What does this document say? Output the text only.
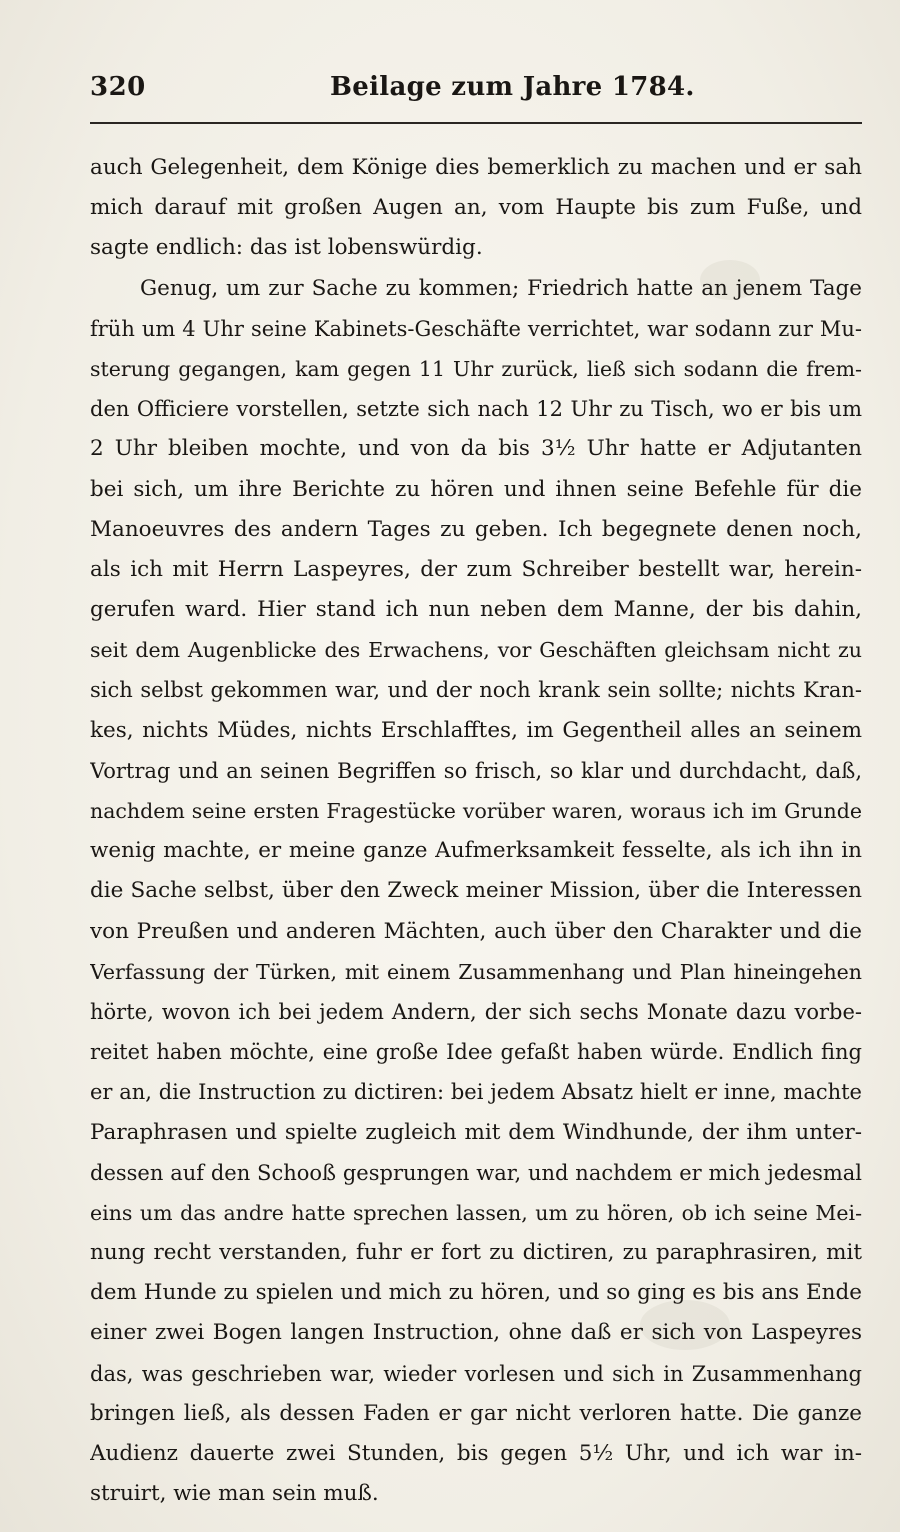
320	Beilage zum Jahre 1784.
auch Gelegenheit, dem Könige dies bemerklich zu machen und er sah
mich darauf mit großen Augen an, vom Haupte bis zum Fuße, und
sagte endlich: das ist lobenswürdig.
Genug, um zur Sache zu kommen; Friedrich hatte an jenem Tage
früh um 4 Uhr seine Kabinets-Geschäfte verrichtet, war sodann zur Mu-
sterung gegangen, kam gegen 11 Uhr zurück, ließ sich sodann die frem-
den Officiere vorstellen, setzte sich nach 12 Uhr zu Tisch, wo er bis um
2 Uhr bleiben mochte, und von da bis 3½ Uhr hatte er Adjutanten
bei sich, um ihre Berichte zu hören und ihnen seine Befehle für die
Manoeuvres des andern Tages zu geben. Ich begegnete denen noch,
als ich mit Herrn Laspeyres, der zum Schreiber bestellt war, herein-
gerufen ward. Hier stand ich nun neben dem Manne, der bis dahin,
seit dem Augenblicke des Erwachens, vor Geschäften gleichsam nicht zu
sich selbst gekommen war, und der noch krank sein sollte; nichts Kran-
kes, nichts Müdes, nichts Erschlafftes, im Gegentheil alles an seinem
Vortrag und an seinen Begriffen so frisch, so klar und durchdacht, daß,
nachdem seine ersten Fragestücke vorüber waren, woraus ich im Grunde
wenig machte, er meine ganze Aufmerksamkeit fesselte, als ich ihn in
die Sache selbst, über den Zweck meiner Mission, über die Interessen
von Preußen und anderen Mächten, auch über den Charakter und die
Verfassung der Türken, mit einem Zusammenhang und Plan hineingehen
hörte, wovon ich bei jedem Andern, der sich sechs Monate dazu vorbe-
reitet haben möchte, eine große Idee gefaßt haben würde. Endlich fing
er an, die Instruction zu dictiren: bei jedem Absatz hielt er inne, machte
Paraphrasen und spielte zugleich mit dem Windhunde, der ihm unter-
dessen auf den Schooß gesprungen war, und nachdem er mich jedesmal
eins um das andre hatte sprechen lassen, um zu hören, ob ich seine Mei-
nung recht verstanden, fuhr er fort zu dictiren, zu paraphrasiren, mit
dem Hunde zu spielen und mich zu hören, und so ging es bis ans Ende
einer zwei Bogen langen Instruction, ohne daß er sich von Laspeyres
das, was geschrieben war, wieder vorlesen und sich in Zusammenhang
bringen ließ, als dessen Faden er gar nicht verloren hatte. Die ganze
Audienz dauerte zwei Stunden, bis gegen 5½ Uhr, und ich war in-
struirt, wie man sein muß.
